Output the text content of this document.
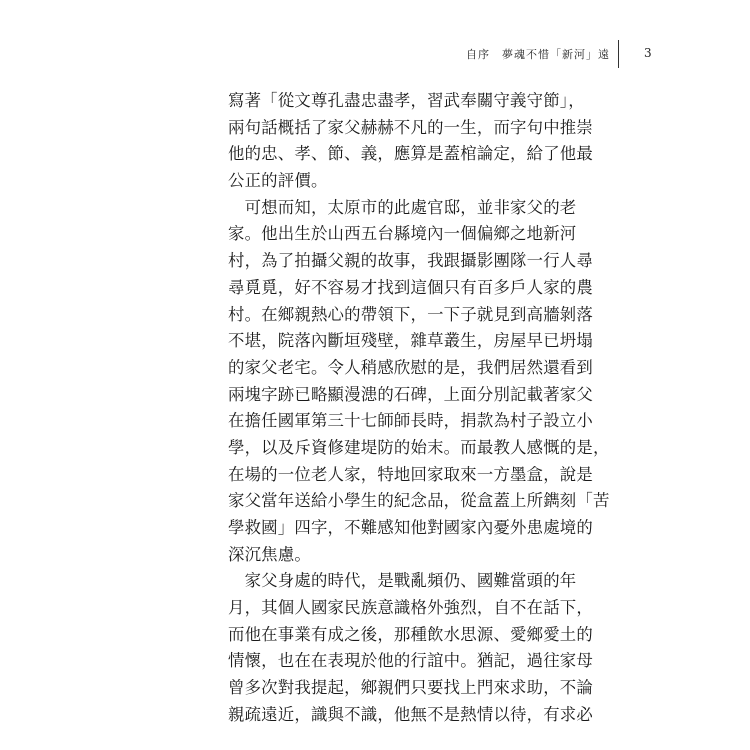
自序　夢魂不惜「新河」遠	3
寫著「從文尊孔盡忠盡孝，習武奉關守義守節」，
兩句話概括了家父赫赫不凡的一生，而字句中推崇
他的忠、孝、節、義，應算是蓋棺論定，給了他最
公正的評價。
　可想而知，太原市的此處官邸，並非家父的老
家。他出生於山西五台縣境內一個偏鄉之地新河
村，為了拍攝父親的故事，我跟攝影團隊一行人尋
尋覓覓，好不容易才找到這個只有百多戶人家的農
村。在鄉親熱心的帶領下，一下子就見到高牆剝落
不堪，院落內斷垣殘壁，雜草叢生，房屋早已坍塌
的家父老宅。令人稍感欣慰的是，我們居然還看到
兩塊字跡已略顯漫漶的石碑，上面分別記載著家父
在擔任國軍第三十七師師長時，捐款為村子設立小
學，以及斥資修建堤防的始末。而最教人感慨的是，
在場的一位老人家，特地回家取來一方墨盒，說是
家父當年送給小學生的紀念品，從盒蓋上所鐫刻「苦
學救國」四字，不難感知他對國家內憂外患處境的
深沉焦慮。
　家父身處的時代，是戰亂頻仍、國難當頭的年
月，其個人國家民族意識格外強烈，自不在話下，
而他在事業有成之後，那種飲水思源、愛鄉愛土的
情懷，也在在表現於他的行誼中。猶記，過往家母
曾多次對我提起，鄉親們只要找上門來求助，不論
親疏遠近，識與不識，他無不是熱情以待，有求必
